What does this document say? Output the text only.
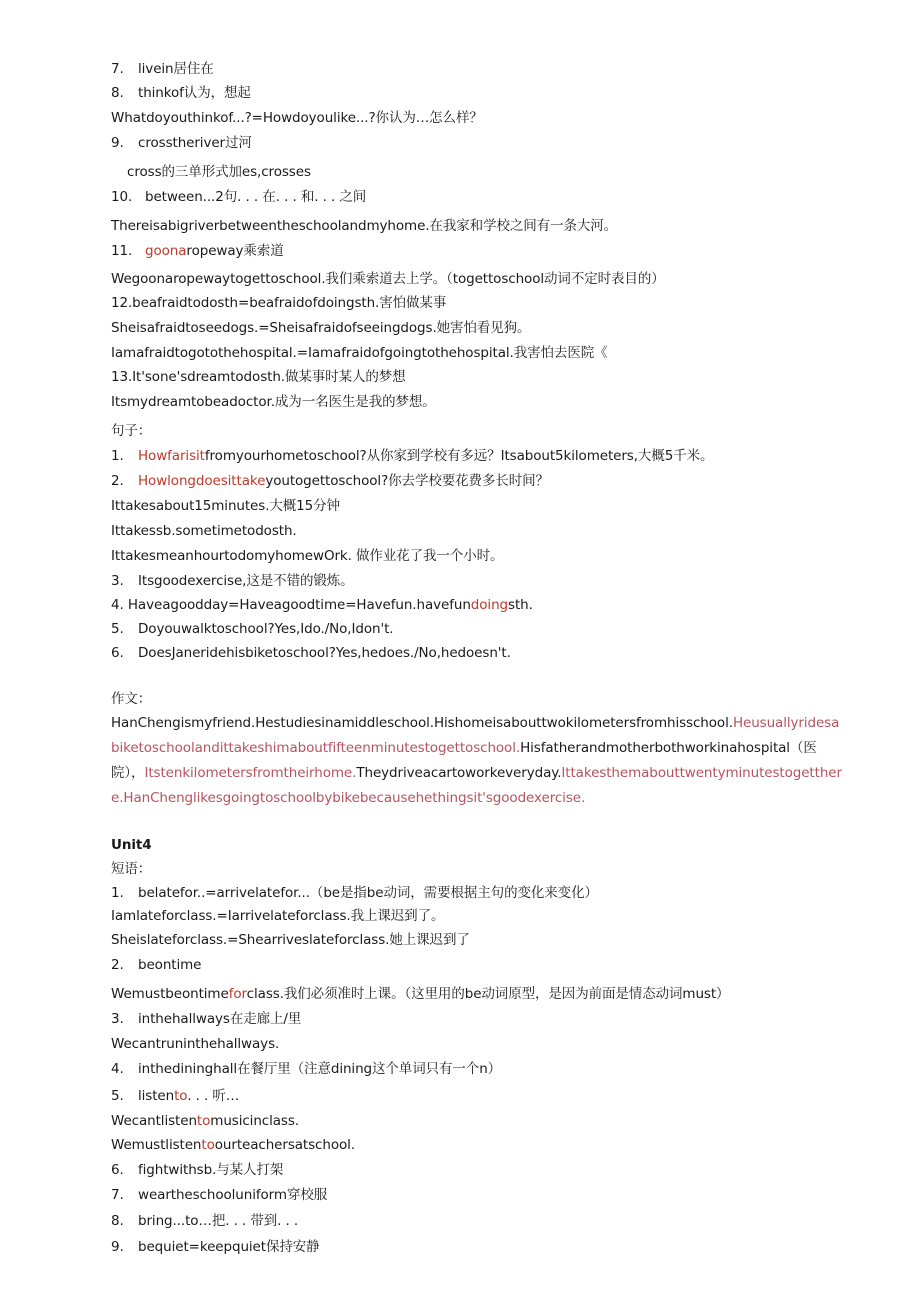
7. livein居住在
8. thinkof认为，想起
Whatdoyouthinkof...?=Howdoyoulike...?你认为…怎么样？
9. crosstheriver过河
cross的三单形式加es,crosses
10. between...2句. . . 在. . . 和. . . 之间
Thereisabigriverbetweentheschoolandmyhome.在我家和学校之间有一条大河。
11. goonaropeway乘索道
Wegoonaropewaytogettoschool.我们乘索道去上学。（togettoschool动词不定时表目的）
12.beafraidtodosth=beafraidofdoingsth.害怕做某事
Sheisafraidtoseedogs.=Sheisafraidofseeingdogs.她害怕看见狗。
Iamafraidtogotothehospital.=Iamafraidofgoingtothehospital.我害怕去医院《
13.It'sone'sdreamtodosth.做某事时某人的梦想
Itsmydreamtobeadoctor.成为一名医生是我的梦想。
句子：
1. Howfarisitfromyourhometoschool?从你家到学校有多远？Itsabout5kilometers,大概5千米。
2. Howlongdoesittakeyoutogettoschool?你去学校要花费多长时间？
Ittakesabout15minutes.大概15分钟
Ittakessb.sometimetodosth.
IttakesmeanhourtodomyhomewOrk. 做作业花了我一个小时。
3. Itsgoodexercise,这是不错的锻炼。
4. Haveagoodday=Haveagoodtime=Havefun.havefundoingsth.
5. Doyouwalktoschool?Yes,Ido./No,Idon't.
6. DoesJaneridehisbiketoschool?Yes,hedoes./No,hedoesn't.
作文：
HanChengismyfriend.Hestudiesinamiddleschool.Hishomeisabouttwokilometersfromhisschool.Heusuallyridesabiketoschoolandittakeshimaboutfifteenminutestogettoschool.Hisfatherandmotherbothworkinahospital（医院），Itstenkilometersfromtheirhome.Theydriveacartoworkeveryday.Ittakesthemabouttwentyminutestogetthere.HanChenglikesgoingtoschoolbybikebecausehethingsit'sgoodexercise.
Unit4
短语：
1. belatefor..=arrivelatefor...（be是指be动词，需要根据主句的变化来变化）
Iamlateforclass.=Iarrivelateforclass.我上课迟到了。
Sheislateforclass.=Shearriveslateforclass.她上课迟到了
2. beontime
Wemustbeontimeforclass.我们必须准时上课。（这里用的be动词原型，是因为前面是情态动词must）
3. inthehallways在走廊上/里
Wecantruninthehallways.
4. inthedininghall在餐厅里（注意dining这个单词只有一个n）
5. listento. . . 听…
Wecantlistentomusicinclass.
Wemustlistentoourteachersatschool.
6. fightwithsb.与某人打架
7. weartheschooluniform穿校服
8. bring...to…把. . . 带到. . .
9. bequiet=keepquiet保持安静
